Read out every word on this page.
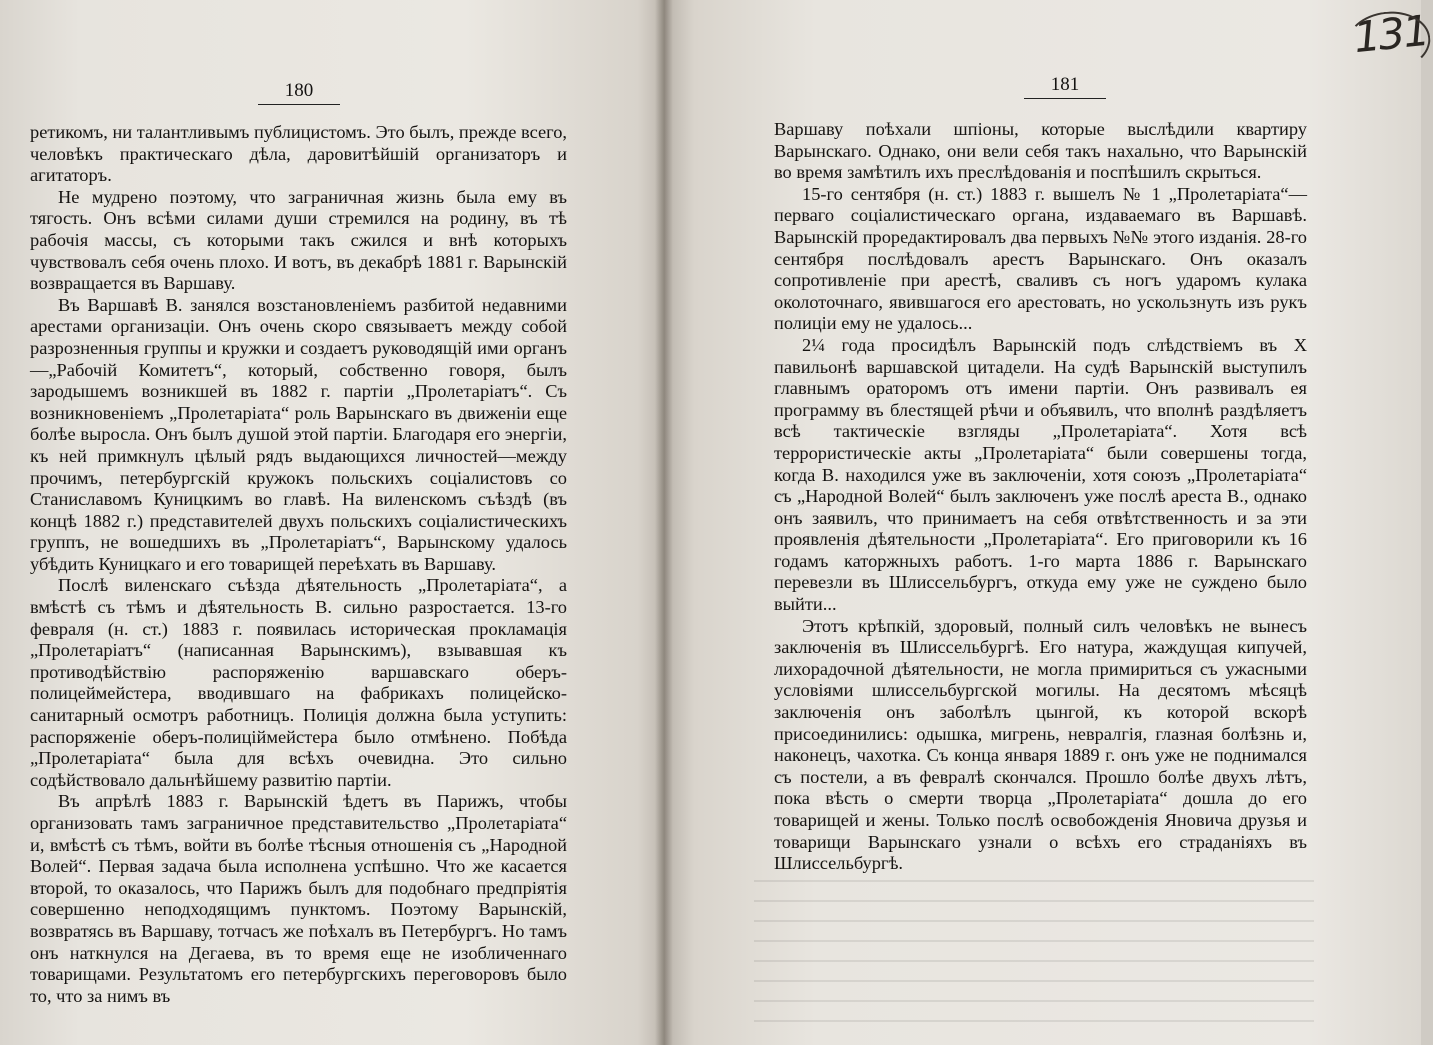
180

ретикомъ, ни талантливымъ публицистомъ. Это былъ, прежде всего, человѣкъ практическаго дѣла, даровитѣйшій организаторъ и агитаторъ.

Не мудрено поэтому, что заграничная жизнь была ему въ тягость. Онъ всѣми силами души стремился на родину, въ тѣ рабочія массы, съ которыми такъ сжился и внѣ которыхъ чувствовалъ себя очень плохо. И вотъ, въ декабрѣ 1881 г. Варынскій возвращается въ Варшаву.

Въ Варшавѣ В. занялся возстановленіемъ разбитой недавними арестами организаціи. Онъ очень скоро связываетъ между собой разрозненныя группы и кружки и создаетъ руководящій ими органъ—„Рабочій Комитетъ“, который, собственно говоря, былъ зародышемъ возникшей въ 1882 г. партіи „Пролетаріатъ“. Съ возникновеніемъ „Пролетаріата“ роль Варынскаго въ движеніи еще болѣе выросла. Онъ былъ душой этой партіи. Благодаря его энергіи, къ ней примкнулъ цѣлый рядъ выдающихся личностей—между прочимъ, петербургскій кружокъ польскихъ соціалистовъ со Станиславомъ Куницкимъ во главѣ. На виленскомъ съѣздѣ (въ концѣ 1882 г.) представителей двухъ польскихъ соціалистическихъ группъ, не вошедшихъ въ „Пролетаріатъ“, Варынскому удалось убѣдить Куницкаго и его товарищей переѣхать въ Варшаву.

Послѣ виленскаго съѣзда дѣятельность „Пролетаріата“, а вмѣстѣ съ тѣмъ и дѣятельность В. сильно разростается. 13-го февраля (н. ст.) 1883 г. появилась историческая прокламація „Пролетаріатъ“ (написанная Варынскимъ), взывавшая къ противодѣйствію распоряженію варшавскаго оберъ-полицеймейстера, вводившаго на фабрикахъ полицейско-санитарный осмотръ работницъ. Полиція должна была уступить: распоряженіе оберъ-полиціймейстера было отмѣнено. Побѣда „Пролетаріата“ была для всѣхъ очевидна. Это сильно содѣйствовало дальнѣйшему развитію партіи.

Въ апрѣлѣ 1883 г. Варынскій ѣдетъ въ Парижъ, чтобы организовать тамъ заграничное представительство „Пролетаріата“ и, вмѣстѣ съ тѣмъ, войти въ болѣе тѣсныя отношенія съ „Народной Волей“. Первая задача была исполнена успѣшно. Что же касается второй, то оказалось, что Парижъ былъ для подобнаго предпріятія совершенно неподходящимъ пунктомъ. Поэтому Варынскій, возвратясь въ Варшаву, тотчасъ же поѣхалъ въ Петербургъ. Но тамъ онъ наткнулся на Дегаева, въ то время еще не изобличеннаго товарищами. Результатомъ его петербургскихъ переговоровъ было то, что за нимъ въ

131
181

Варшаву поѣхали шпіоны, которые выслѣдили квартиру Варынскаго. Однако, они вели себя такъ нахально, что Варынскій во время замѣтилъ ихъ преслѣдованія и поспѣшилъ скрыться.

15-го сентября (н. ст.) 1883 г. вышелъ № 1 „Пролетаріата“— перваго соціалистическаго органа, издаваемаго въ Варшавѣ. Варынскій проредактировалъ два первыхъ №№ этого изданія. 28-го сентября послѣдовалъ арестъ Варынскаго. Онъ оказалъ сопротивленіе при арестѣ, сваливъ съ ногъ ударомъ кулака околоточнаго, явившагося его арестовать, но ускользнуть изъ рукъ полиціи ему не удалось...

2¼ года просидѣлъ Варынскій подъ слѣдствіемъ въ X павильонѣ варшавской цитадели. На судѣ Варынскій выступилъ главнымъ ораторомъ отъ имени партіи. Онъ развивалъ ея программу въ блестящей рѣчи и объявилъ, что вполнѣ раздѣляетъ всѣ тактическіе взгляды „Пролетаріата“. Хотя всѣ террористическіе акты „Пролетаріата“ были совершены тогда, когда В. находился уже въ заключеніи, хотя союзъ „Пролетаріата“ съ „Народной Волей“ былъ заключенъ уже послѣ ареста В., однако онъ заявилъ, что принимаетъ на себя отвѣтственность и за эти проявленія дѣятельности „Пролетаріата“. Его приговорили къ 16 годамъ каторжныхъ работъ. 1-го марта 1886 г. Варынскаго перевезли въ Шлиссельбургъ, откуда ему уже не суждено было выйти...

Этотъ крѣпкій, здоровый, полный силъ человѣкъ не вынесъ заключенія въ Шлиссельбургѣ. Его натура, жаждущая кипучей, лихорадочной дѣятельности, не могла примириться съ ужасными условіями шлиссельбургской могилы. На десятомъ мѣсяцѣ заключенія онъ заболѣлъ цынгой, къ которой вскорѣ присоединились: одышка, мигрень, невралгія, глазная болѣзнь и, наконецъ, чахотка. Съ конца января 1889 г. онъ уже не поднимался съ постели, а въ февралѣ скончался. Прошло болѣе двухъ лѣтъ, пока вѣсть о смерти творца „Пролетаріата“ дошла до его товарищей и жены. Только послѣ освобожденія Яновича друзья и товарищи Варынскаго узнали о всѣхъ его страданіяхъ въ Шлиссельбургѣ.
